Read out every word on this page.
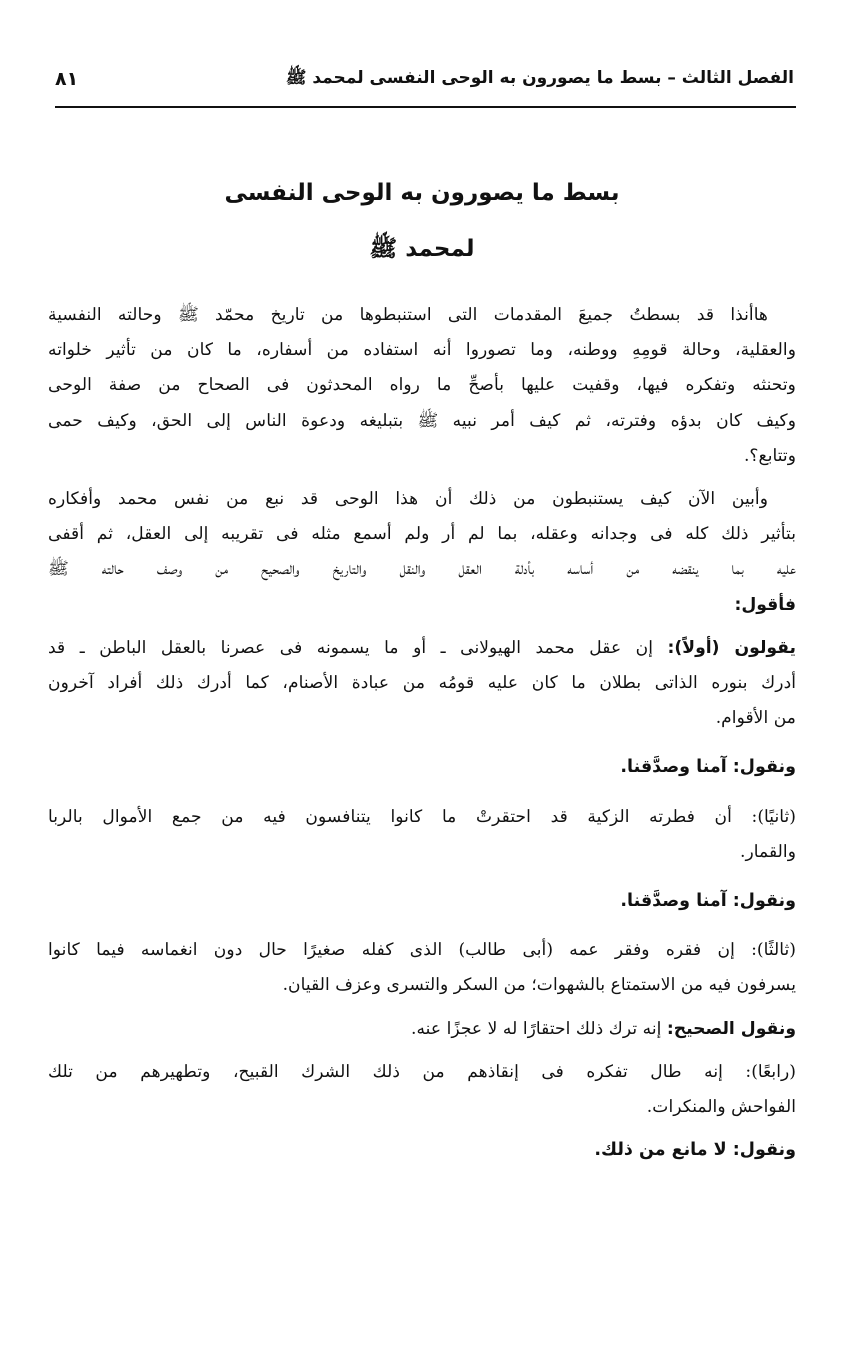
الفصل الثالث – بسط ما يصورون به الوحى النفسى لمحمد ﷺ
٨١
بسط ما يصورون به الوحى النفسى
لمحمد ﷺ

هاأنذا قد بسطتُ جميعَ المقدمات التى استنبطوها من تاريخ محمّد ﷺ وحالته النفسية
والعقلية، وحالة قومِهِ ووطنه، وما تصوروا أنه استفاده من أسفاره، ما كان من تأثير خلواته
وتحنثه وتفكره فيها، وقفيت عليها بأصحِّ ما رواه المحدثون فى الصحاح من صفة الوحى
وكيف كان بدؤه وفترته، ثم كيف أمر نبيه ﷺ بتبليغه ودعوة الناس إلى الحق، وكيف حمى
وتتابع؟.

وأبين الآن كيف يستنبطون من ذلك أن هذا الوحى قد نبع من نفس محمد وأفكاره
بتأثير ذلك كله فى وجدانه وعقله، بما لم أر ولم أسمع مثله فى تقريبه إلى العقل، ثم أقفى
عليه بما ينقضه من أساسه بأدلة العقل والنقل والتاريخ والصحيح من وصف حالته ﷺ
فأقول:

يقولون (أولاً): إن عقل محمد الهيولانى ـ أو ما يسمونه فى عصرنا بالعقل الباطن ـ قد
أدرك بنوره الذاتى بطلان ما كان عليه قومُه من عبادة الأصنام، كما أدرك ذلك أفراد آخرون
من الأقوام.

ونقول: آمنا وصدَّقنا.

(ثانيًا): أن فطرته الزكية قد احتقرتْ ما كانوا يتنافسون فيه من جمع الأموال بالربا
والقمار.

ونقول: آمنا وصدَّقنا.

(ثالثًا): إن فقره وفقر عمه (أبى طالب) الذى كفله صغيرًا حال دون انغماسه فيما كانوا
يسرفون فيه من الاستمتاع بالشهوات؛ من السكر والتسرى وعزف القيان.

ونقول الصحيح: إنه ترك ذلك احتقارًا له لا عجزًا عنه.

(رابعًا): إنه طال تفكره فى إنقاذهم من ذلك الشرك القبيح، وتطهيرهم من تلك
الفواحش والمنكرات.

ونقول: لا مانع من ذلك.
